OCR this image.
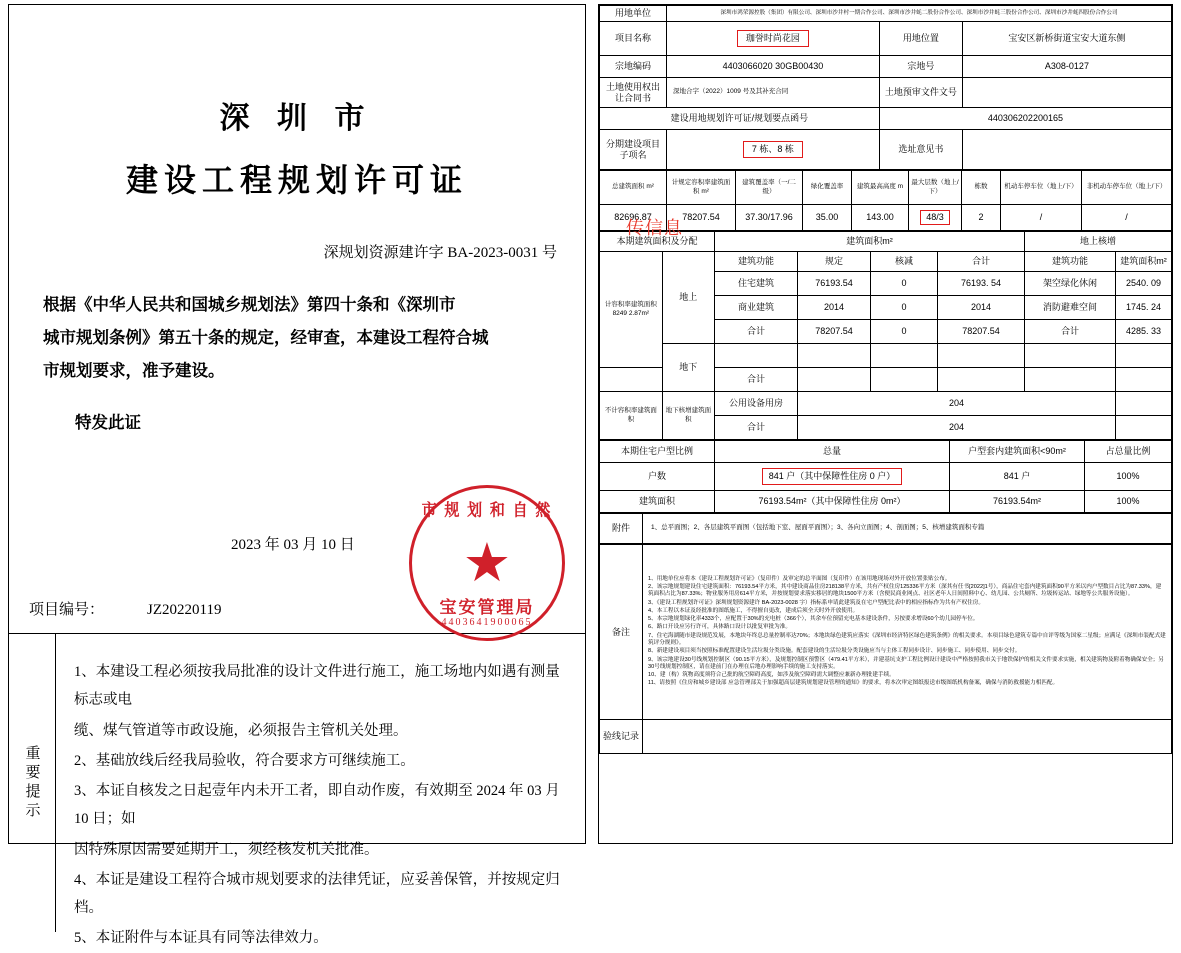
深 圳 市
建设工程规划许可证
深规划资源建许字 BA-2023-0031 号

根据《中华人民共和国城乡规划法》第四十条和《深圳市

城市规划条例》第五十条的规定，经审查，本建设工程符合城

市规划要求，准予建设。

特发此证
2023 年 03 月 10 日
项目编号：	JZ20220119
市 规 划 和 自 然
★
宝安管理局
4403641900065
重要提示
1、本建设工程必须按我局批准的设计文件进行施工，施工场地内如遇有测量标志或电
缆、煤气管道等市政设施，必须报告主管机关处理。
2、基础放线后经我局验收，符合要求方可继续施工。
3、本证自核发之日起壹年内未开工者，即自动作废，有效期至 2024 年 03 月 10 日；如
因特殊原因需要延期开工，须经核发机关批准。
4、本证是建设工程符合城市规划要求的法律凭证，应妥善保管，并按规定归档。
5、本证附件与本证具有同等法律效力。
用地单位	深圳市鸿荣源控股（集团）有限公司、深圳市沙井村一期合作公司、深圳市沙井蚝二股份合作公司、深圳市沙井蚝三股份合作公司、深圳市沙井蚝四股份合作公司		
项目名称	珈誉时尚花园	用地位置	宝安区新桥街道宝安大道东侧
宗地编码	4403066020 30GB00430	宗地号	A308-0127
土地使用权出让合同书	深地合字（2022）1009 号及其补充合同	土地预审文件文号	
建设用地规划许可证/规划要点函号		440306202200165	
分期建设项目子项名	7 栋、8 栋	选址意见书	
总建筑面积 m²	计规定容积率建筑面积 m²	建筑覆盖率（一/二级）	绿化覆盖率	建筑最高高度 m	最大层数（地上/下）	栋数	机动车停车位（地上/下）	非机动车停车位（地上/下）
82696.87	78207.54	37.30/17.96	35.00	143.00	48/3	2	/	/
本期建筑面积及分配		建筑面积m²				地上核增	
计容积率建筑面积 8249 2.87m²	地上	建筑功能	规定	核减	合计	建筑功能	建筑面积m²
		住宅建筑	76193.54	0	76193. 54	架空绿化休闲	2540. 09
		商业建筑	2014	0	2014	消防避难空间	1745. 24
		合计	78207.54	0	78207.54	合计	4285. 33
	地下						
		合计					
不计容积率建筑面积	地下核增建筑面积	公用设备用房	204				
		合计	204				
本期住宅户型比例	总量	户型套内建筑面积<90m²	占总量比例
户数	841 户（其中保障性住房 0 户）	841 户	100%
建筑面积	76193.54m²（其中保障性住房 0m²）	76193.54m²	100%
附件	1、总平面图；2、各层建筑平面图（包括地下室、屋面平面图）；3、各向立面图；4、剖面图；5、核增建筑面积专篇
备注	
1、用地单位应将本《建设工程规划许可证》（复印件）及审定的总平面图（复印件）在该用地现场对外开放位置张贴公布。
2、该宗地规划建设住宅建筑面积：76193.54平方米，其中建设商品住房218138平方米，共有产权住房125336平方米（深其有任书[2022]1号），商品住宅套内建筑面积90平方米以内户型数目占比为87.33%，建筑面积占比为87.33%；物业服务用房614平方米，并按规划要求落实移居的地块1500平方米（含便民商业网点、社区老年人日间照料中心、幼儿园、公共厕所、垃圾转运站、绿地等公共服务设施）。
3、《建设工程规划许可证》深圳规划资源建许 BA-2023-0028 字）指标系申请此建筑及在宅户型配比表中的相应指标作为共有产权住房。
4、本工程以本证及经批准的图纸施工，不得擅自更改，建成后须全天时外开放使用。
5、本宗地规划绿化率4333个，应配置于30%的充电桩（366个），其余车位预留充电基本建设条件，另按要求增设60个幼儿园停车位。
6、路口开设应另行许可，具体路口设计以批复审批为准。
7、住宅海湖随市建设规范发展，本地块年终总总量控制率达70%；本地块绿色建筑应落实《深圳市经济特区绿色建筑条例》的相关要求。本项目绿色建筑专篇中自评等级为国家二星级；应满足《深圳市装配式建筑评分规则》。
8、新建建设项目须当按照标准配置建设生活垃圾分类设施。配套建设的生活垃圾分类设施应当与主体工程同步设计、同步施工、同步使用、同步交付。
9、该宗地建设30号线规划控制区（90.15平方米），及规划控制区预警区（479.41平方米），并建基坑支护工程比例设计建设中严格按照我市关于地铁保护的相关文件要求实施，相关建筑物及附着物确保安全；另30号线规划控制区，请在建前门在办理在后地办理影响手续的施工支持落实。
10、建（构）筑物高度须符合己批的航空障碍高度，如涉及航空障碍需大调整应兼新办理批建手续。
11、请按照《住房和城乡建设部 应急管理部关于加强超高层建筑规划建设管理的通知》的要求，将本次审定图纸报送市级图纸机构备案，确保与消防救援能力相匹配。

验线记录	
传信息
